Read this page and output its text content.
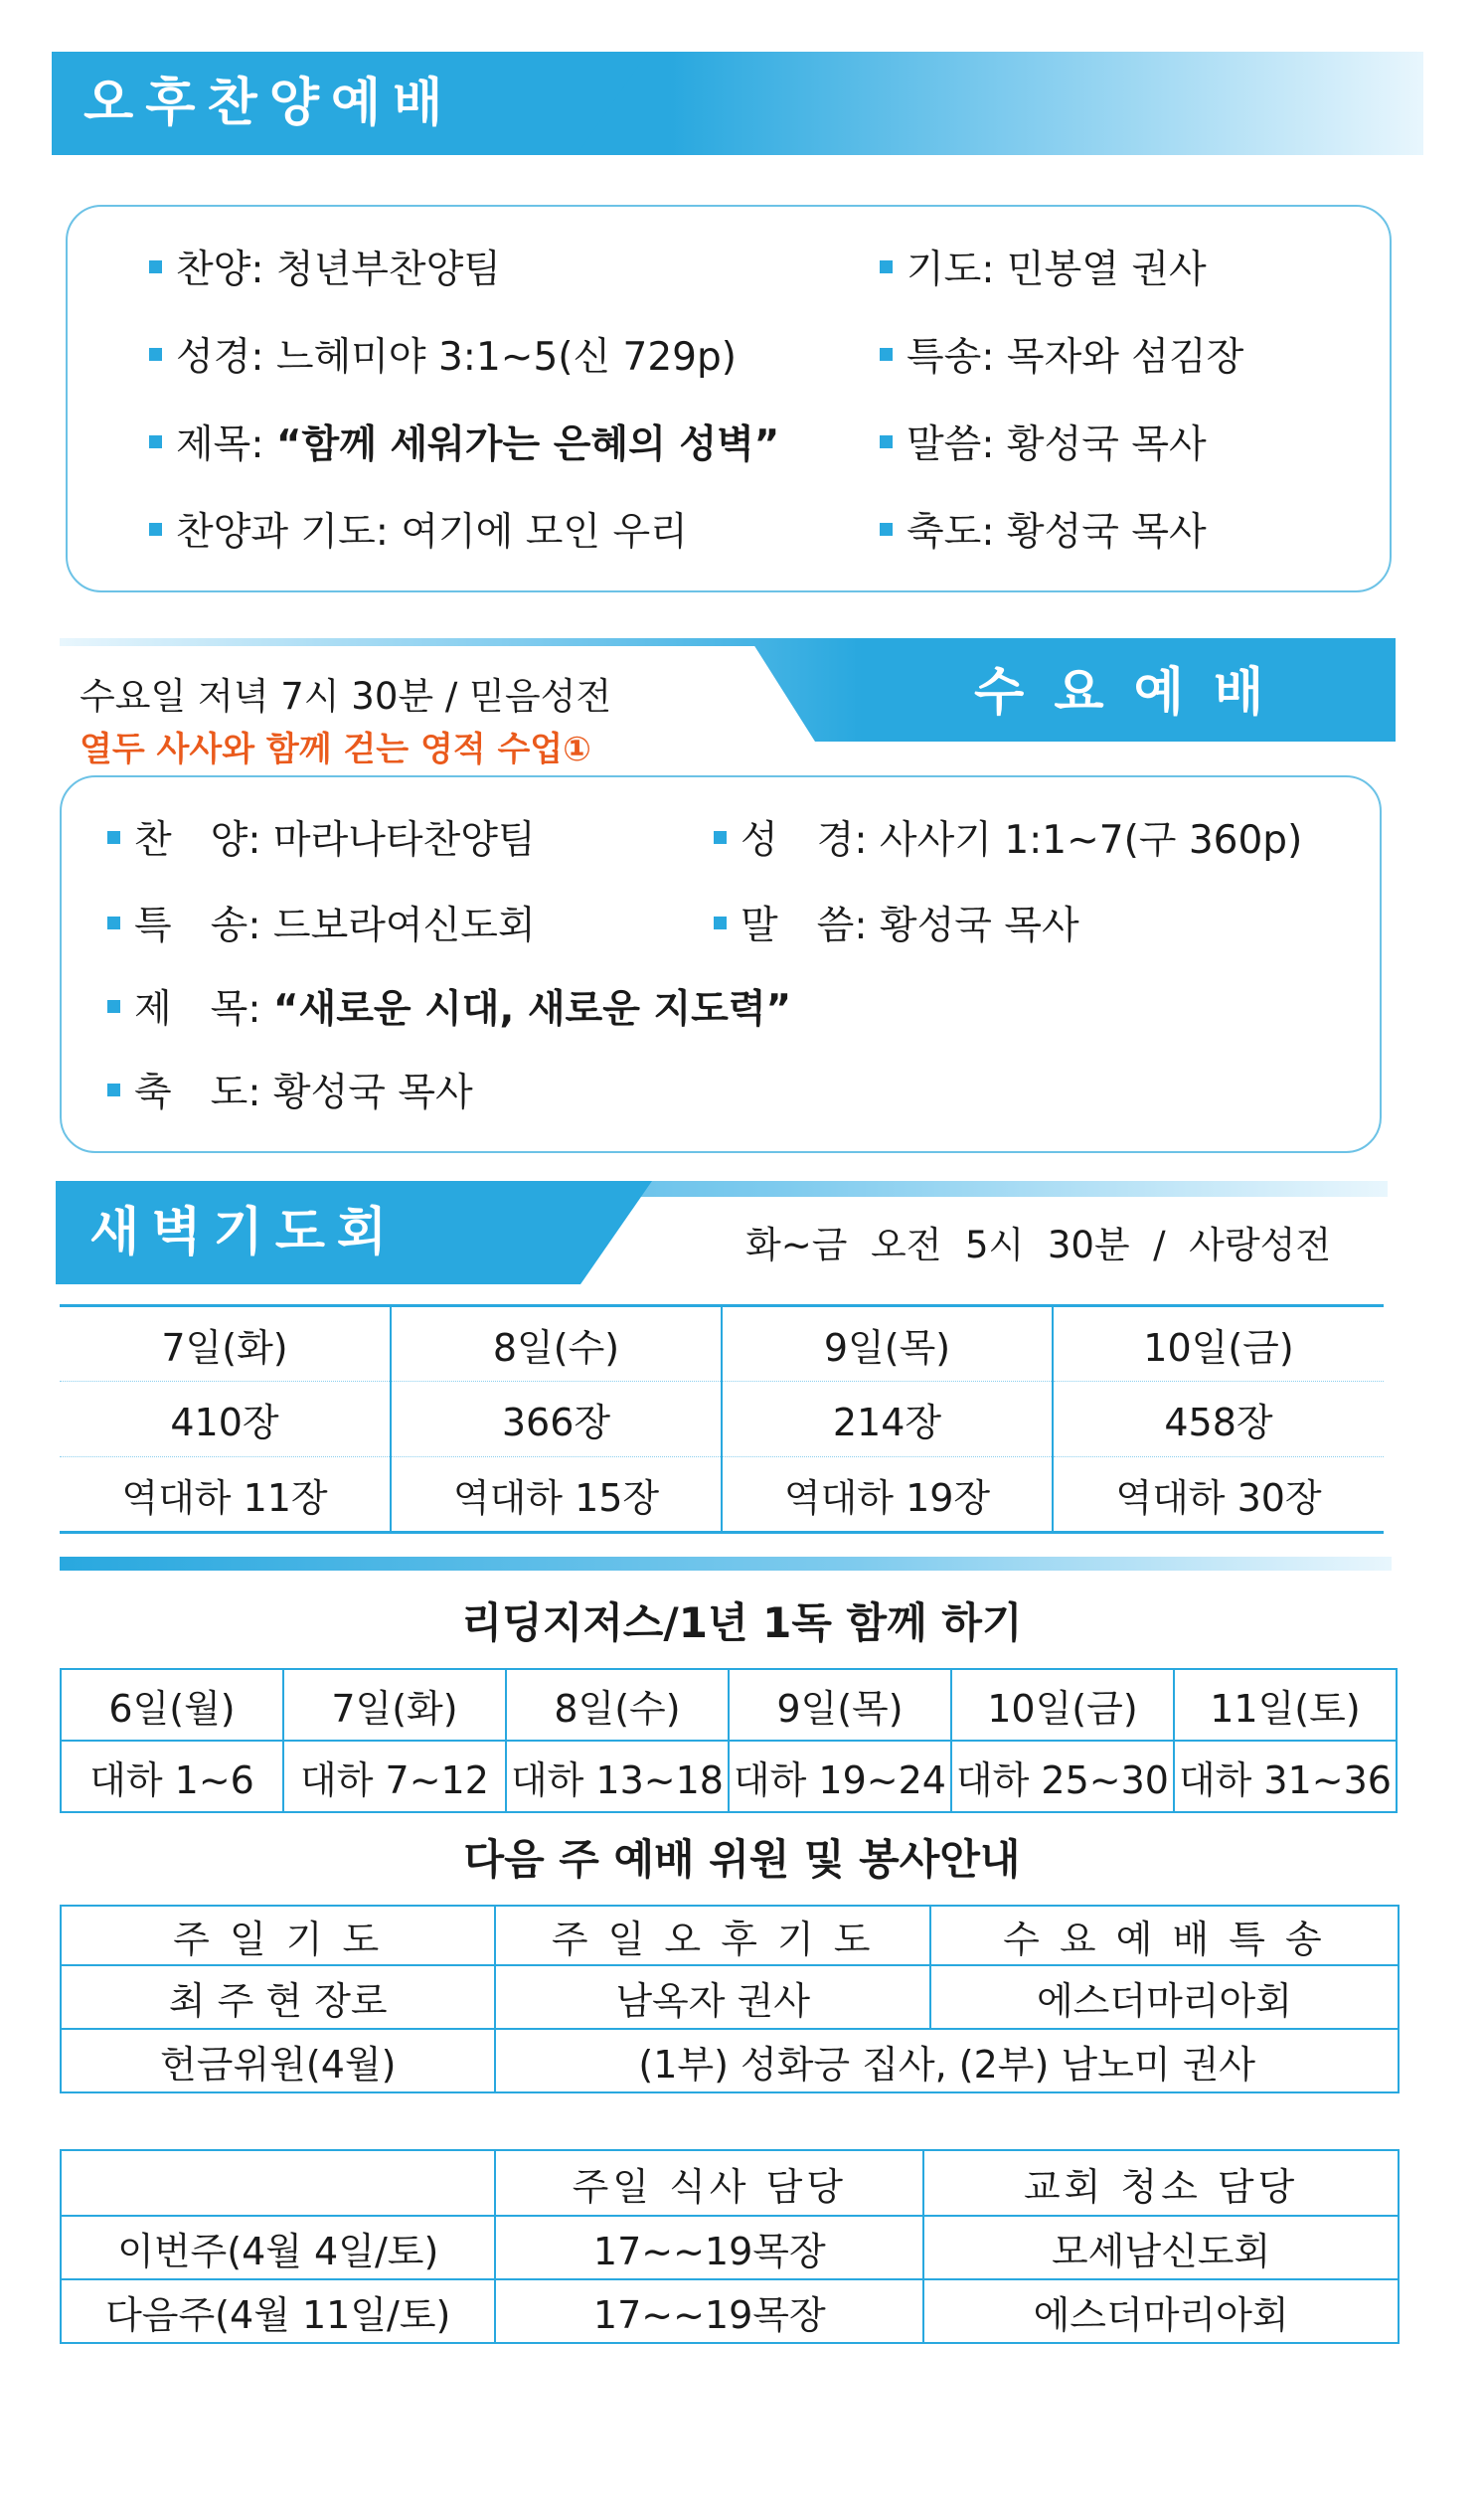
오후찬양예배
찬양:
청년부찬양팀
성경:
느헤미야 3:1~5(신 729p)
제목:
“함께 세워가는 은혜의 성벽”
찬양과 기도:
여기에 모인 우리
기도:
민봉열 권사
특송:
목자와 섬김장
말씀:
황성국 목사
축도:
황성국 목사
수 요 예 배
수요일 저녁 7시 30분 / 믿음성전
열두 사사와 함께 걷는 영적 수업①
찬　양:
마라나타찬양팀
특　송:
드보라여신도회
제　목:
“새로운 시대, 새로운 지도력”
축　도:
황성국 목사
성　경:
사사기 1:1~7(구 360p)
말　씀:
황성국 목사
새벽기도회	화~금  오전  5시  30분  /  사랑성전
7일(화)	8일(수)	9일(목)	10일(금)
410장	366장	214장	458장
역대하 11장	역대하 15장	역대하 19장	역대하 30장
리딩지저스/1년 1독 함께 하기
6일(월)	7일(화)	8일(수)	9일(목)	10일(금)	11일(토)
대하 1~6	대하 7~12	대하 13~18	대하 19~24	대하 25~30	대하 31~36
다음 주 예배 위원 및 봉사안내
주 일 기 도	주 일 오 후 기 도	수 요 예 배 특 송
최 주 현 장로	남옥자 권사	에스더마리아회
헌금위원(4월)	(1부) 성화긍 집사, (2부) 남노미 권사	
	주일 식사 담당	교회 청소 담당
이번주(4월 4일/토)	17~~19목장	모세남신도회
다음주(4월 11일/토)	17~~19목장	에스더마리아회
